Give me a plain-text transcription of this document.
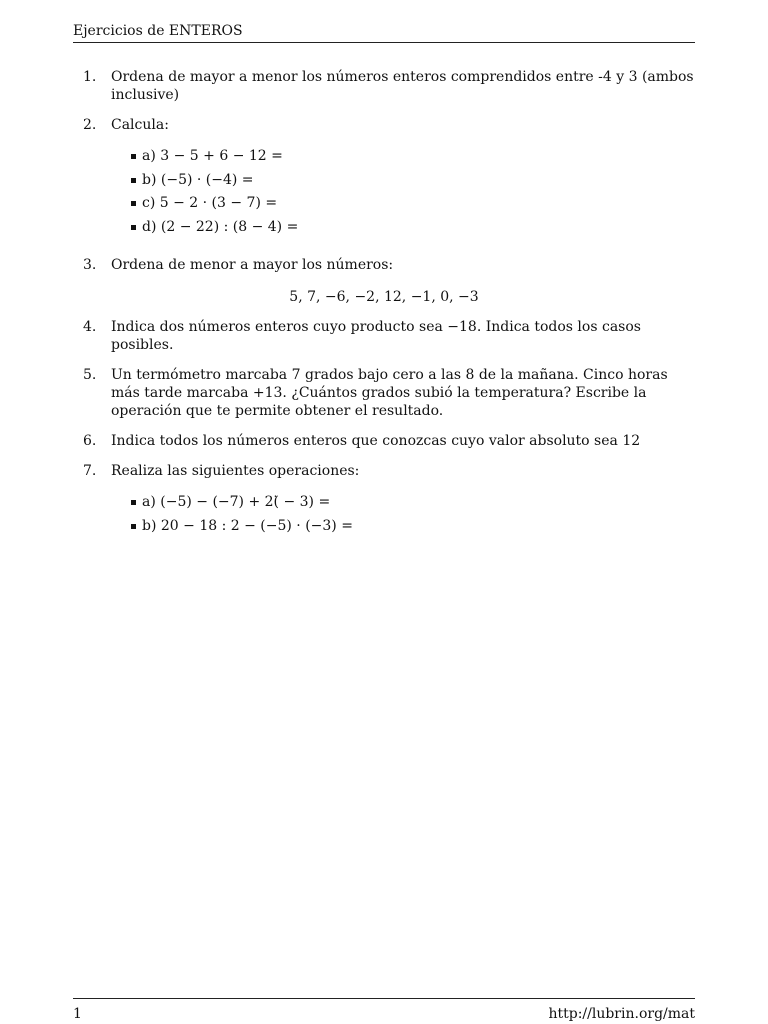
Ejercicios de ENTEROS
1. Ordena de mayor a menor los números enteros comprendidos entre -4 y 3 (ambos inclusive)
2. Calcula:
a) 3 − 5 + 6 − 12 =
b) (−5) · (−4) =
c) 5 − 2 · (3 − 7) =
d) (2 − 22) : (8 − 4) =
3. Ordena de menor a mayor los números:
5, 7, −6, −2, 12, −1, 0, −3
4. Indica dos números enteros cuyo producto sea −18. Indica todos los casos posibles.
5. Un termómetro marcaba 7 grados bajo cero a las 8 de la mañana. Cinco horas más tarde marcaba +13. ¿Cuántos grados subió la temperatura? Escribe la operación que te permite obtener el resultado.
6. Indica todos los números enteros que conozcas cuyo valor absoluto sea 12
7. Realiza las siguientes operaciones:
a) (−5) − (−7) + 2(̇ − 3) =
b) 20 − 18 : 2 − (−5) · (−3) =
1	http://lubrin.org/mat
